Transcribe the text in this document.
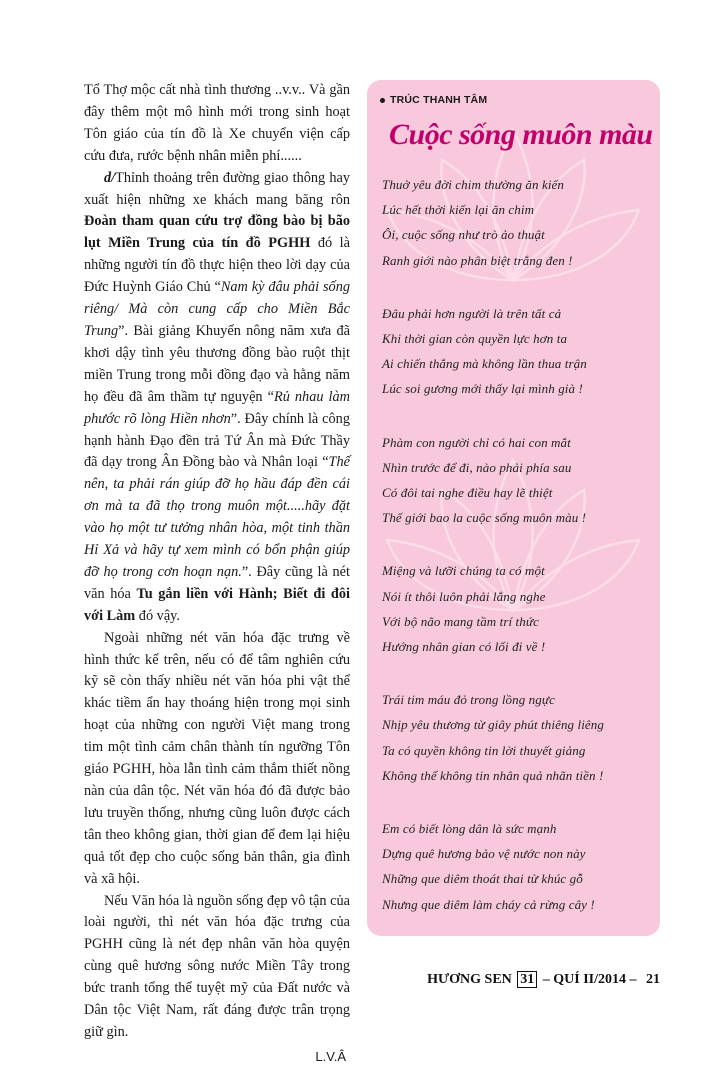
Tổ Thợ mộc cất nhà tình thương ..v.v.. Và gần đây thêm một mô hình mới trong sinh hoạt Tôn giáo của tín đồ là Xe chuyển viện cấp cứu đưa, rước bệnh nhân miễn phí......

d/Thỉnh thoảng trên đường giao thông hay xuất hiện những xe khách mang băng rôn Đoàn tham quan cứu trợ đồng bào bị bão lụt Miền Trung của tín đồ PGHH đó là những người tín đồ thực hiện theo lời dạy của Đức Huỳnh Giáo Chủ “Nam kỳ đâu phải sống riêng/ Mà còn cung cấp cho Miền Bắc Trung”. Bài giảng Khuyến nông năm xưa đã khơi dậy tình yêu thương đồng bào ruột thịt miền Trung trong mỗi đồng đạo và hằng năm họ đều đã âm thầm tự nguyện “Rủ nhau làm phước rõ lòng Hiền nhơn”. Đây chính là công hạnh hành Đạo đền trả Tứ Ân mà Đức Thầy đã dạy trong Ân Đồng bào và Nhân loại “Thế nên, ta phải rán giúp đỡ họ hầu đáp đền cái ơn mà ta đã thọ trong muôn một.....hãy đặt vào họ một tư tưởng nhân hòa, một tinh thần Hỉ Xả và hãy tự xem mình có bổn phận giúp đỡ họ trong cơn hoạn nạn.”. Đây cũng là nét văn hóa Tu gắn liền với Hành; Biết đi đôi với Làm đó vậy.

Ngoài những nét văn hóa đặc trưng về hình thức kể trên, nếu có để tâm nghiên cứu kỹ sẽ còn thấy nhiều nét văn hóa phi vật thể khác tiềm ẩn hay thoáng hiện trong mọi sinh hoạt của những con người Việt mang trong tim một tình cảm chân thành tín ngưỡng Tôn giáo PGHH, hòa lẫn tình cảm thắm thiết nồng nàn của dân tộc. Nét văn hóa đó đã được bảo lưu truyền thống, nhưng cũng luôn được cách tân theo không gian, thời gian để đem lại hiệu quả tốt đẹp cho cuộc sống bản thân, gia đình và xã hội.

Nếu Văn hóa là nguồn sống đẹp vô tận của loài người, thì nét văn hóa đặc trưng của PGHH cũng là nét đẹp nhân văn hòa quyện cùng quê hương sông nước Miền Tây trong bức tranh tổng thể tuyệt mỹ của Đất nước và Dân tộc Việt Nam, rất đáng được trân trọng giữ gìn.

L.V.Â

TRÚC THANH TÂM
Cuộc sống muôn màu
Thuở yêu đời chim thường ăn kiến
Lúc hết thời kiến lại ăn chim
Ôi, cuộc sống như trò ảo thuật
Ranh giới nào phân biệt trắng đen !
Đâu phải hơn người là trên tất cả
Khi thời gian còn quyền lực hơn ta
Ai chiến thắng mà không lần thua trận
Lúc soi gương mới thấy lại mình già !
Phàm con người chỉ có hai con mắt
Nhìn trước để đi, nào phải phía sau
Có đôi tai nghe điều hay lẽ thiệt
Thế giới bao la cuộc sống muôn màu !
Miệng và lưỡi chúng ta có một
Nói ít thôi luôn phải lắng nghe
Với bộ não mang tầm trí thức
Hướng nhân gian có lối đi về !
Trái tim máu đỏ trong lồng ngực
Nhịp yêu thương từ giây phút thiêng liêng
Ta có quyền không tin lời thuyết giảng
Không thể không tin nhân quả nhãn tiền !
Em có biết lòng dân là sức mạnh
Dựng quê hương bảo vệ nước non này
Những que diêm thoát thai từ khúc gỗ
Nhưng que diêm làm cháy cả rừng cây !
HƯƠNG SEN 31 – QUÍ II/2014 – 21
